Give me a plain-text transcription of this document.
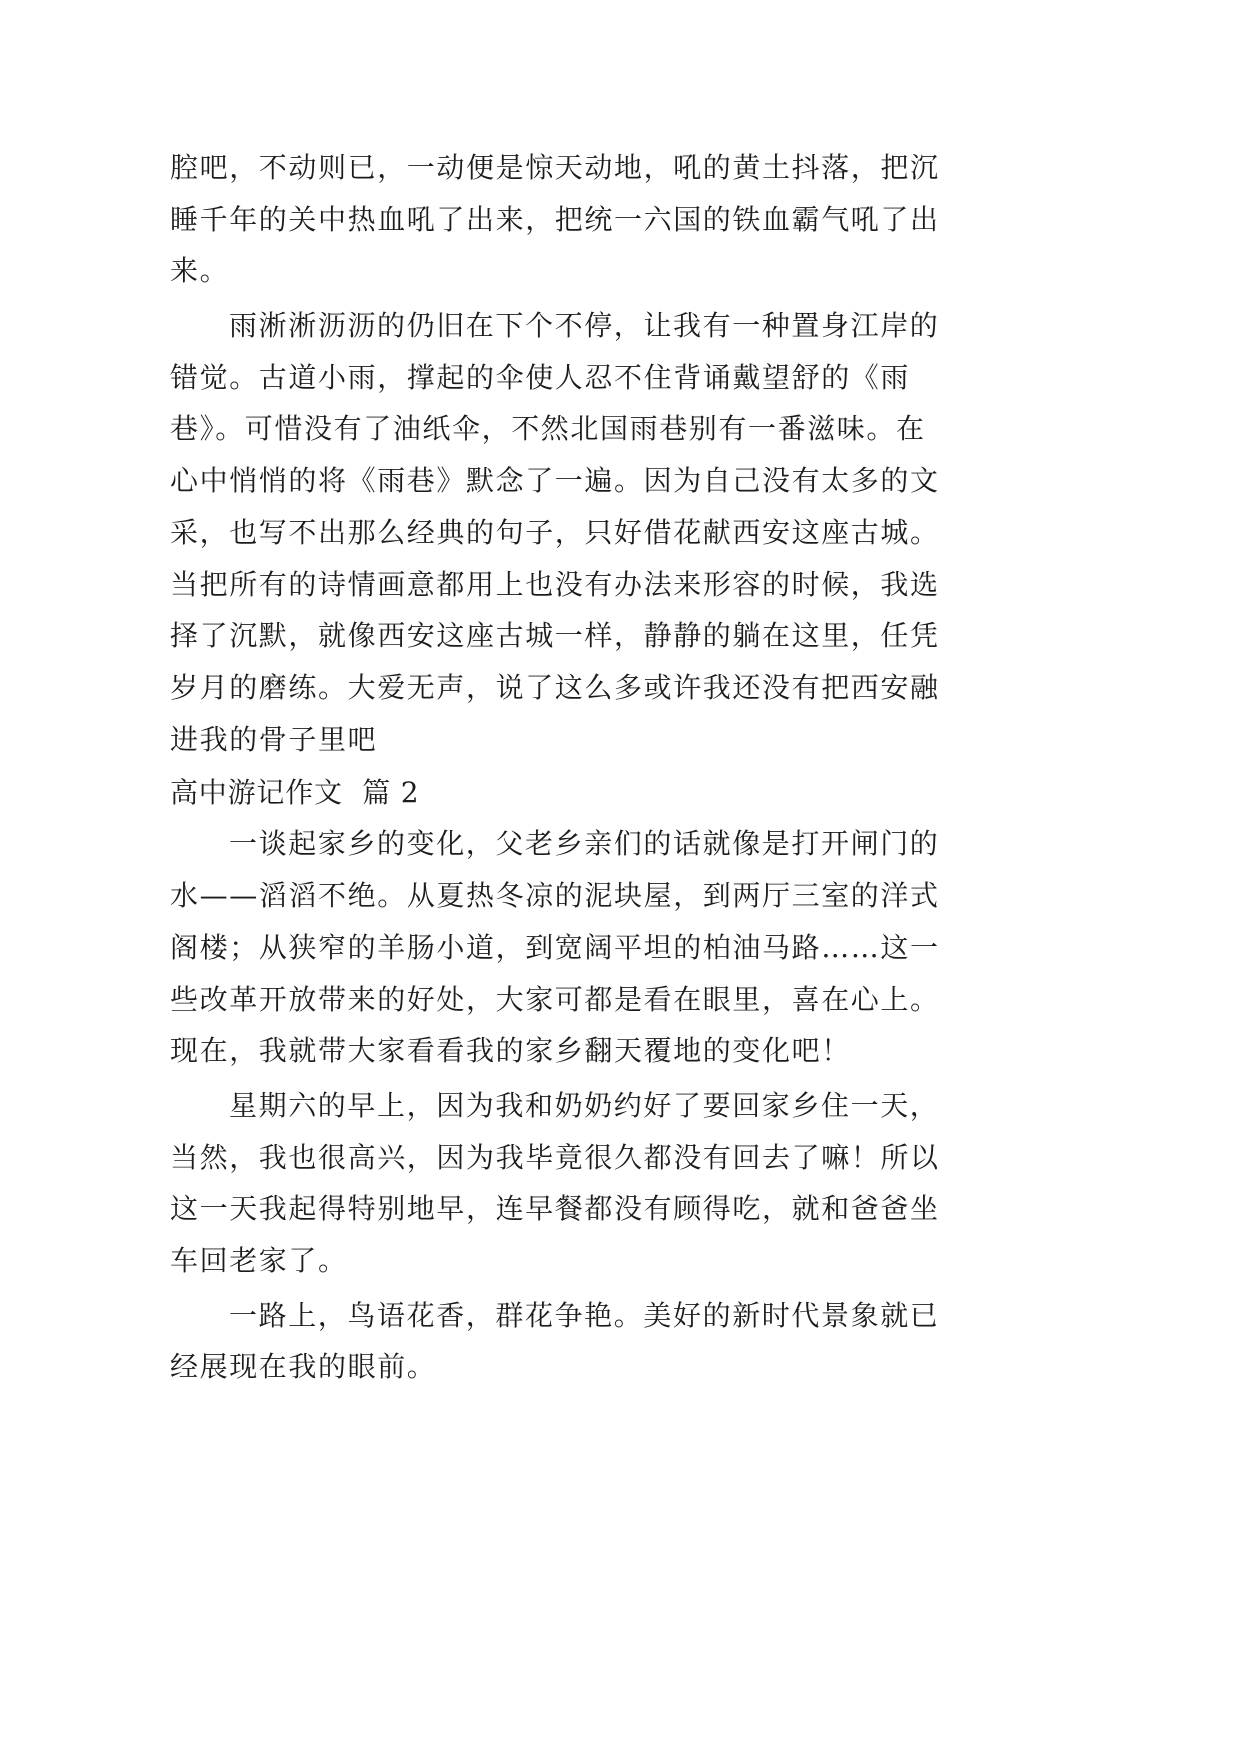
腔吧，不动则已，一动便是惊天动地，吼的黄土抖落，把沉
睡千年的关中热血吼了出来，把统一六国的铁血霸气吼了出
来。
雨淅淅沥沥的仍旧在下个不停，让我有一种置身江岸的
错觉。古道小雨，撑起的伞使人忍不住背诵戴望舒的《雨
巷》。可惜没有了油纸伞，不然北国雨巷别有一番滋味。在
心中悄悄的将《雨巷》默念了一遍。因为自己没有太多的文
采，也写不出那么经典的句子，只好借花献西安这座古城。
当把所有的诗情画意都用上也没有办法来形容的时候，我选
择了沉默，就像西安这座古城一样，静静的躺在这里，任凭
岁月的磨练。大爱无声，说了这么多或许我还没有把西安融
进我的骨子里吧
高中游记作文  篇 2
一谈起家乡的变化，父老乡亲们的话就像是打开闸门的
水——滔滔不绝。从夏热冬凉的泥块屋，到两厅三室的洋式
阁楼；从狭窄的羊肠小道，到宽阔平坦的柏油马路……这一
些改革开放带来的好处，大家可都是看在眼里，喜在心上。
现在，我就带大家看看我的家乡翻天覆地的变化吧！
星期六的早上，因为我和奶奶约好了要回家乡住一天，
当然，我也很高兴，因为我毕竟很久都没有回去了嘛！所以
这一天我起得特别地早，连早餐都没有顾得吃，就和爸爸坐
车回老家了。
一路上，鸟语花香，群花争艳。美好的新时代景象就已
经展现在我的眼前。
